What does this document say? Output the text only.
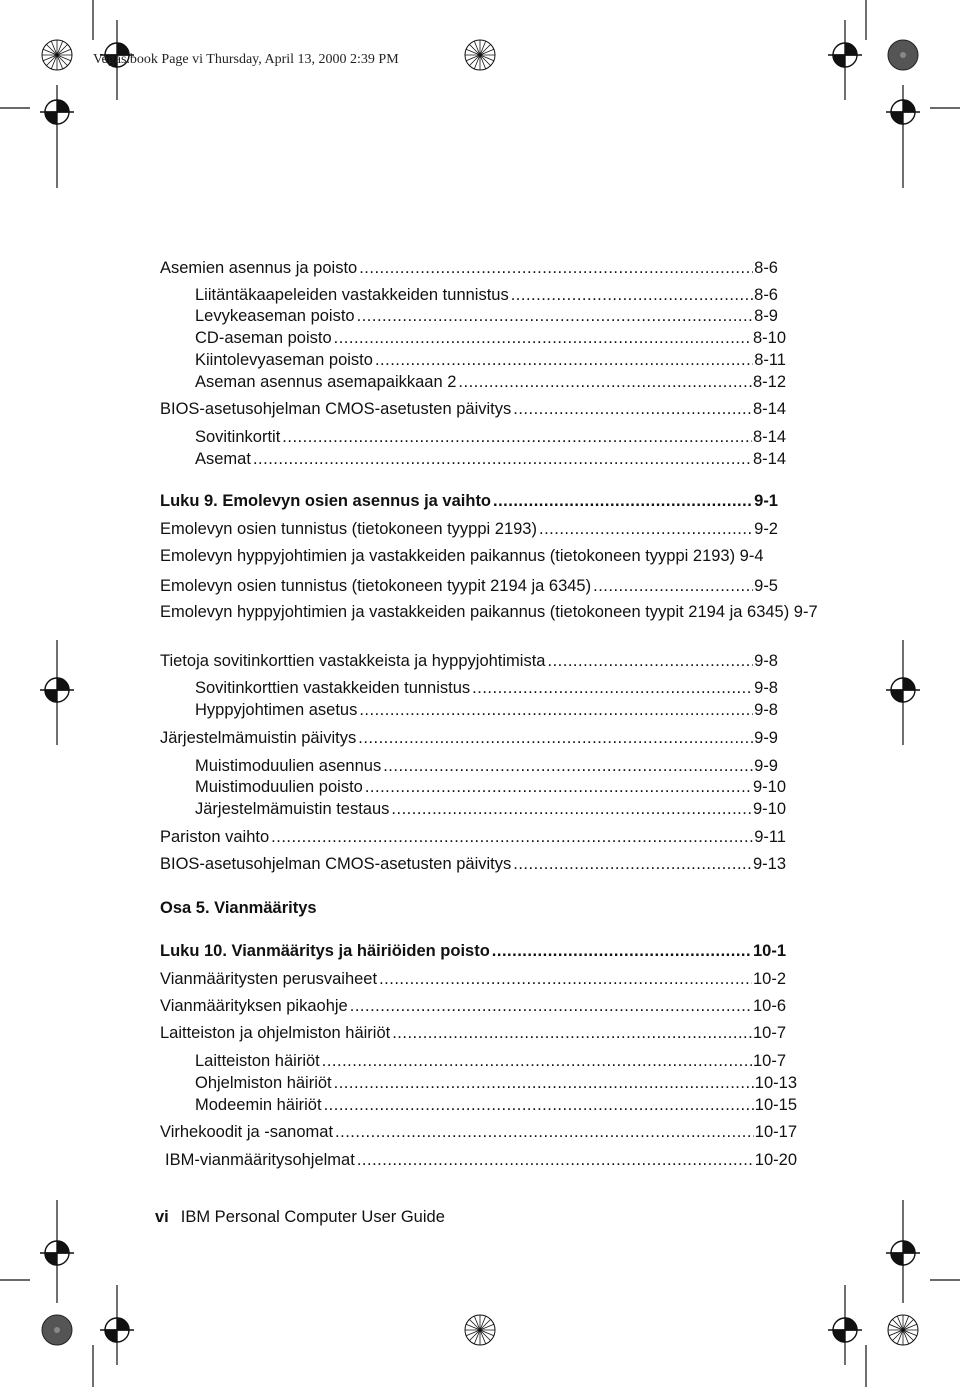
Vegas.book Page vi Thursday, April 13, 2000 2:39 PM
Asemien asennus ja poisto .....	8-6
Liitäntäkaapeleiden vastakkeiden tunnistus .....	8-6
Levykeaseman poisto .....	8-9
CD-aseman poisto .....	8-10
Kiintolevyaseman poisto .....	8-11
Aseman asennus asemapaikkaan 2 .....	8-12
BIOS-asetusohjelman CMOS-asetusten päivitys .....	8-14
Sovitinkortit .....	8-14
Asemat .....	8-14
Luku 9. Emolevyn osien asennus ja vaihto .....	9-1
Emolevyn osien tunnistus (tietokoneen tyyppi 2193) .....	9-2
Emolevyn hyppyjohtimien ja vastakkeiden paikannus (tietokoneen tyyppi 2193) 9-4
Emolevyn osien tunnistus (tietokoneen tyypit 2194 ja 6345) .....	9-5
Emolevyn hyppyjohtimien ja vastakkeiden paikannus (tietokoneen tyypit 2194 ja 6345) 9-7
Tietoja sovitinkorttien vastakkeista ja hyppyjohtimista .....	9-8
Sovitinkorttien vastakkeiden tunnistus .....	9-8
Hyppyjohtimen asetus .....	9-8
Järjestelmämuistin päivitys .....	9-9
Muistimoduulien asennus .....	9-9
Muistimoduulien poisto .....	9-10
Järjestelmämuistin testaus .....	9-10
Pariston vaihto .....	9-11
BIOS-asetusohjelman CMOS-asetusten päivitys .....	9-13
Osa 5. Vianmääritys
Luku 10. Vianmääritys ja häiriöiden poisto .....	10-1
Vianmääritysten perusvaiheet .....	10-2
Vianmäärityksen pikaohje .....	10-6
Laitteiston ja ohjelmiston häiriöt .....	10-7
Laitteiston häiriöt .....	10-7
Ohjelmiston häiriöt .....	10-13
Modeemin häiriöt .....	10-15
Virhekoodit ja -sanomat .....	10-17
IBM-vianmääritysohjelmat .....	10-20
vi IBM Personal Computer User Guide
